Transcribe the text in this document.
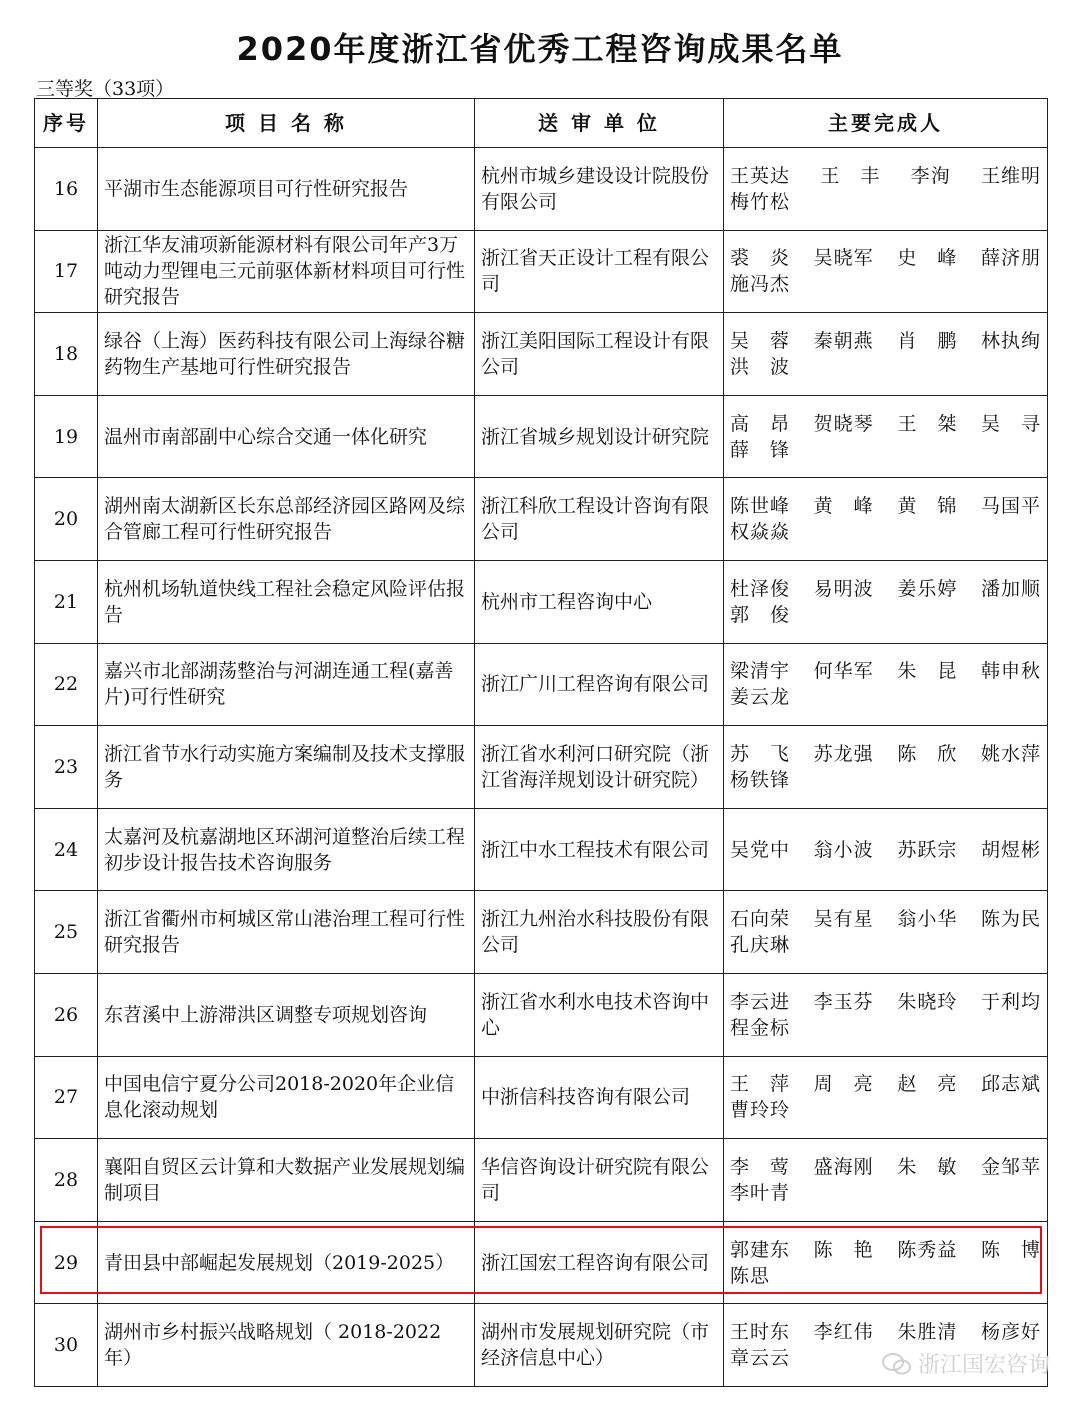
2020年度浙江省优秀工程咨询成果名单
三等奖（33项）
序号	项 目 名 称	送 审 单 位	主要完成人
16	平湖市生态能源项目可行性研究报告	杭州市城乡建设设计院股份有限公司	王英达 王　丰 李洵 王维明
梅竹松

17	浙江华友浦项新能源材料有限公司年产3万吨动力型锂电三元前驱体新材料项目可行性研究报告	浙江省天正设计工程有限公司	裘　炎 吴晓军 史　峰 薛济朋
施冯杰

18	绿谷（上海）医药科技有限公司上海绿谷糖药物生产基地可行性研究报告	浙江美阳国际工程设计有限公司	吴　蓉 秦朝燕 肖　鹏 林执绚
洪　波

19	温州市南部副中心综合交通一体化研究	浙江省城乡规划设计研究院	高　昂 贺晓琴 王　桀 吴　寻
薛　锋

20	湖州南太湖新区长东总部经济园区路网及综合管廊工程可行性研究报告	浙江科欣工程设计咨询有限公司	陈世峰 黄　峰 黄　锦 马国平
权焱焱

21	杭州机场轨道快线工程社会稳定风险评估报告	杭州市工程咨询中心	杜泽俊 易明波 姜乐婷 潘加顺
郭　俊

22	嘉兴市北部湖荡整治与河湖连通工程(嘉善片)可行性研究	浙江广川工程咨询有限公司	梁清宇 何华军 朱　昆 韩申秋
姜云龙

23	浙江省节水行动实施方案编制及技术支撑服务	浙江省水利河口研究院（浙江省海洋规划设计研究院）	苏　飞 苏龙强 陈　欣 姚水萍
杨铁锋

24	太嘉河及杭嘉湖地区环湖河道整治后续工程初步设计报告技术咨询服务	浙江中水工程技术有限公司	吴党中 翁小波 苏跃宗 胡煜彬

25	浙江省衢州市柯城区常山港治理工程可行性研究报告	浙江九州治水科技股份有限公司	石向荣 吴有星 翁小华 陈为民
孔庆琳

26	东苕溪中上游滞洪区调整专项规划咨询	浙江省水利水电技术咨询中心	李云进 李玉芬 朱晓玲 于利均
程金标

27	中国电信宁夏分公司2018-2020年企业信息化滚动规划	中浙信科技咨询有限公司	王　萍 周　亮 赵　亮 邱志斌
曹玲玲

28	襄阳自贸区云计算和大数据产业发展规划编制项目	华信咨询设计研究院有限公司	李　莺 盛海刚 朱　敏 金邹苹
李叶青

29	青田县中部崛起发展规划（2019-2025）	浙江国宏工程咨询有限公司	郭建东 陈　艳 陈秀益 陈　博
陈思

30	湖州市乡村振兴战略规划（ 2018-2022年）	湖州市发展规划研究院（市经济信息中心）	王时东 李红伟 朱胜清 杨彦好
章云云	浙江国宏咨询
